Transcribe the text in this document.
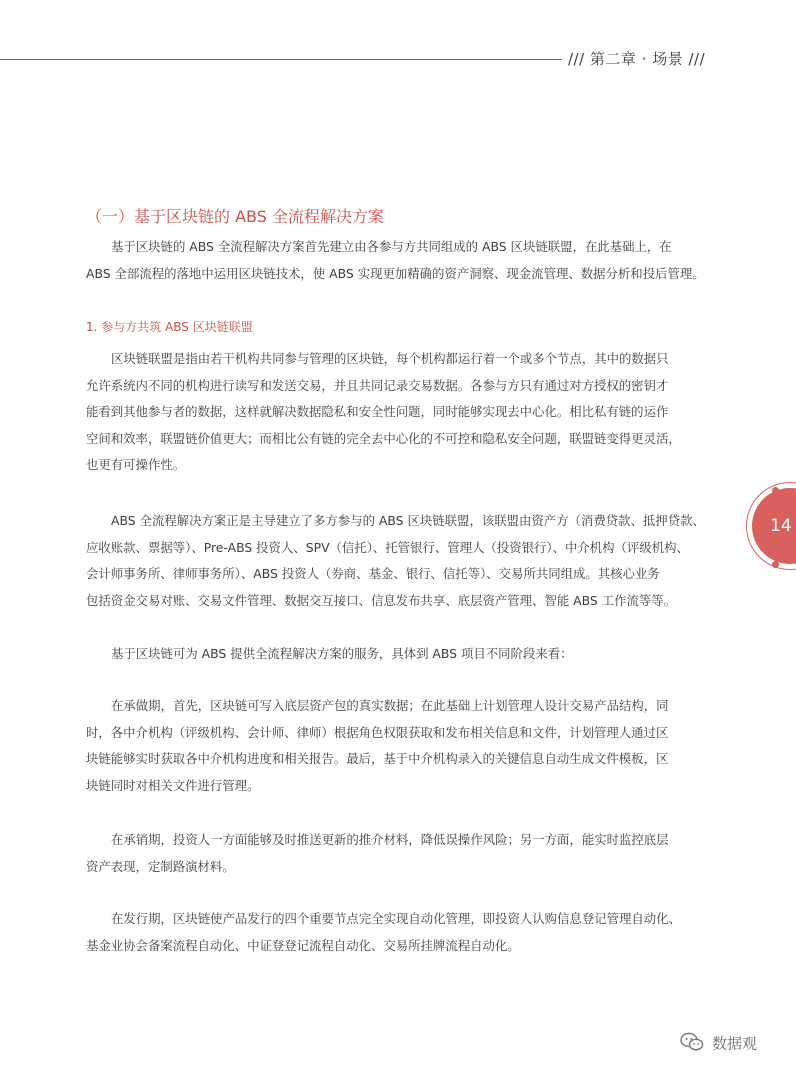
/// 第二章 · 场景 ///
（一）基于区块链的 ABS 全流程解决方案
基于区块链的 ABS 全流程解决方案首先建立由各参与方共同组成的 ABS 区块链联盟，在此基础上，在
ABS 全部流程的落地中运用区块链技术，使 ABS 实现更加精确的资产洞察、现金流管理、数据分析和投后管理。
1. 参与方共筑 ABS 区块链联盟
区块链联盟是指由若干机构共同参与管理的区块链，每个机构都运行着一个或多个节点，其中的数据只
允许系统内不同的机构进行读写和发送交易，并且共同记录交易数据。各参与方只有通过对方授权的密钥才
能看到其他参与者的数据，这样就解决数据隐私和安全性问题，同时能够实现去中心化。相比私有链的运作
空间和效率，联盟链价值更大；而相比公有链的完全去中心化的不可控和隐私安全问题，联盟链变得更灵活，
也更有可操作性。
ABS 全流程解决方案正是主导建立了多方参与的 ABS 区块链联盟，该联盟由资产方（消费贷款、抵押贷款、
应收账款、票据等）、Pre-ABS 投资人、SPV（信托）、托管银行、管理人（投资银行）、中介机构（评级机构、
会计师事务所、律师事务所）、ABS 投资人（券商、基金、银行、信托等）、交易所共同组成。其核心业务
包括资金交易对账、交易文件管理、数据交互接口、信息发布共享、底层资产管理、智能 ABS 工作流等等。
基于区块链可为 ABS 提供全流程解决方案的服务，具体到 ABS 项目不同阶段来看：
在承做期，首先，区块链可写入底层资产包的真实数据；在此基础上计划管理人设计交易产品结构，同
时，各中介机构（评级机构、会计师、律师）根据角色权限获取和发布相关信息和文件，计划管理人通过区
块链能够实时获取各中介机构进度和相关报告。最后，基于中介机构录入的关键信息自动生成文件模板，区
块链同时对相关文件进行管理。
在承销期，投资人一方面能够及时推送更新的推介材料，降低误操作风险；另一方面，能实时监控底层
资产表现，定制路演材料。
在发行期，区块链使产品发行的四个重要节点完全实现自动化管理，即投资人认购信息登记管理自动化、
基金业协会备案流程自动化、中证登登记流程自动化、交易所挂牌流程自动化。
14
数据观
